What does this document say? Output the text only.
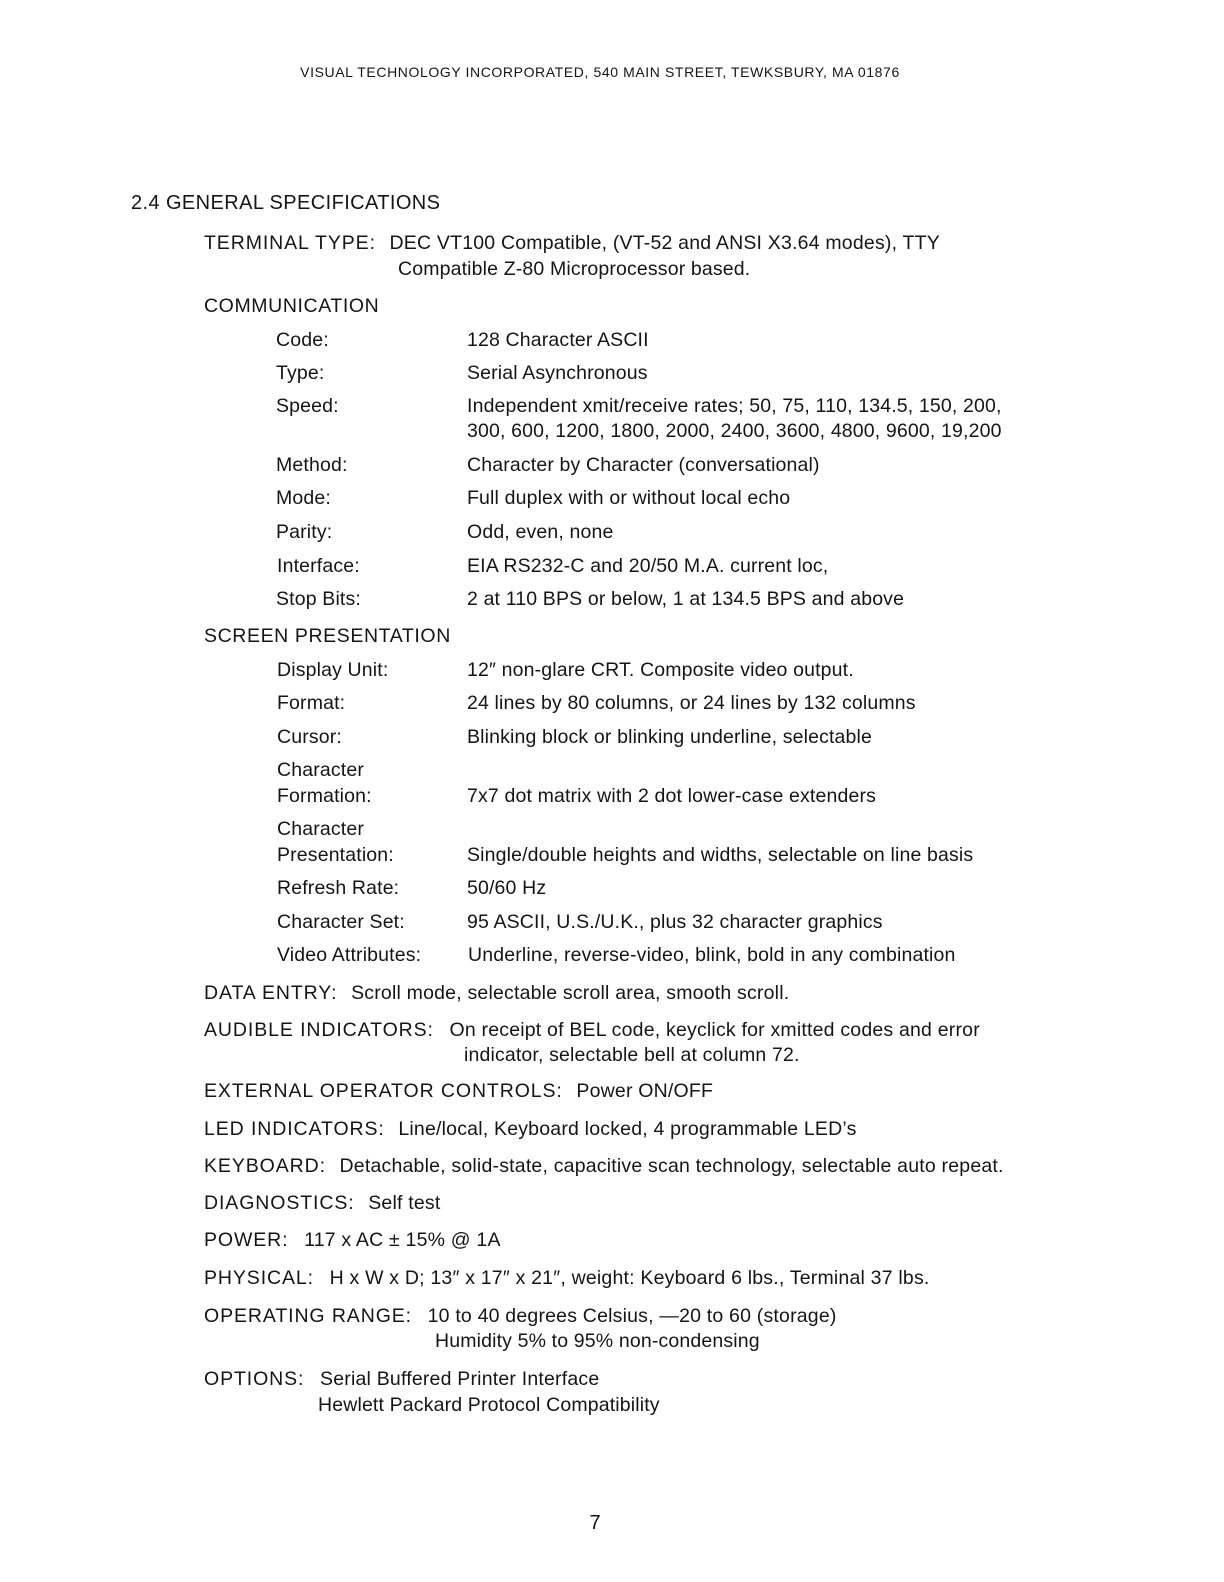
VISUAL TECHNOLOGY INCORPORATED, 540 MAIN STREET, TEWKSBURY, MA 01876
2.4 GENERAL SPECIFICATIONS
TERMINAL TYPE: DEC VT100 Compatible, (VT-52 and ANSI X3.64 modes), TTY
Compatible Z-80 Microprocessor based.
COMMUNICATION
Code:	128 Character ASCII
Type:	Serial Asynchronous
Speed:	Independent xmit/receive rates; 50, 75, 110, 134.5, 150, 200,
300, 600, 1200, 1800, 2000, 2400, 3600, 4800, 9600, 19,200
Method:	Character by Character (conversational)
Mode:	Full duplex with or without local echo
Parity:	Odd, even, none
Interface:	EIA RS232-C and 20/50 M.A. current loc,
Stop Bits:	2 at 110 BPS or below, 1 at 134.5 BPS and above
SCREEN PRESENTATION
Display Unit:	12″ non-glare CRT. Composite video output.
Format:	24 lines by 80 columns, or 24 lines by 132 columns
Cursor:	Blinking block or blinking underline, selectable
Character
Formation:	7x7 dot matrix with 2 dot lower-case extenders
Character
Presentation:	Single/double heights and widths, selectable on line basis
Refresh Rate:	50/60 Hz
Character Set:	95 ASCII, U.S./U.K., plus 32 character graphics
Video Attributes: Underline, reverse-video, blink, bold in any combination
DATA ENTRY: Scroll mode, selectable scroll area, smooth scroll.
AUDIBLE INDICATORS: On receipt of BEL code, keyclick for xmitted codes and error
indicator, selectable bell at column 72.
EXTERNAL OPERATOR CONTROLS: Power ON/OFF
LED INDICATORS: Line/local, Keyboard locked, 4 programmable LED’s
KEYBOARD: Detachable, solid-state, capacitive scan technology, selectable auto repeat.
DIAGNOSTICS: Self test
POWER: 117 x AC ± 15% @ 1A
PHYSICAL: H x W x D; 13″ x 17″ x 21″, weight: Keyboard 6 lbs., Terminal 37 lbs.
OPERATING RANGE: 10 to 40 degrees Celsius, —20 to 60 (storage)
Humidity 5% to 95% non-condensing
OPTIONS: Serial Buffered Printer Interface
Hewlett Packard Protocol Compatibility
7
